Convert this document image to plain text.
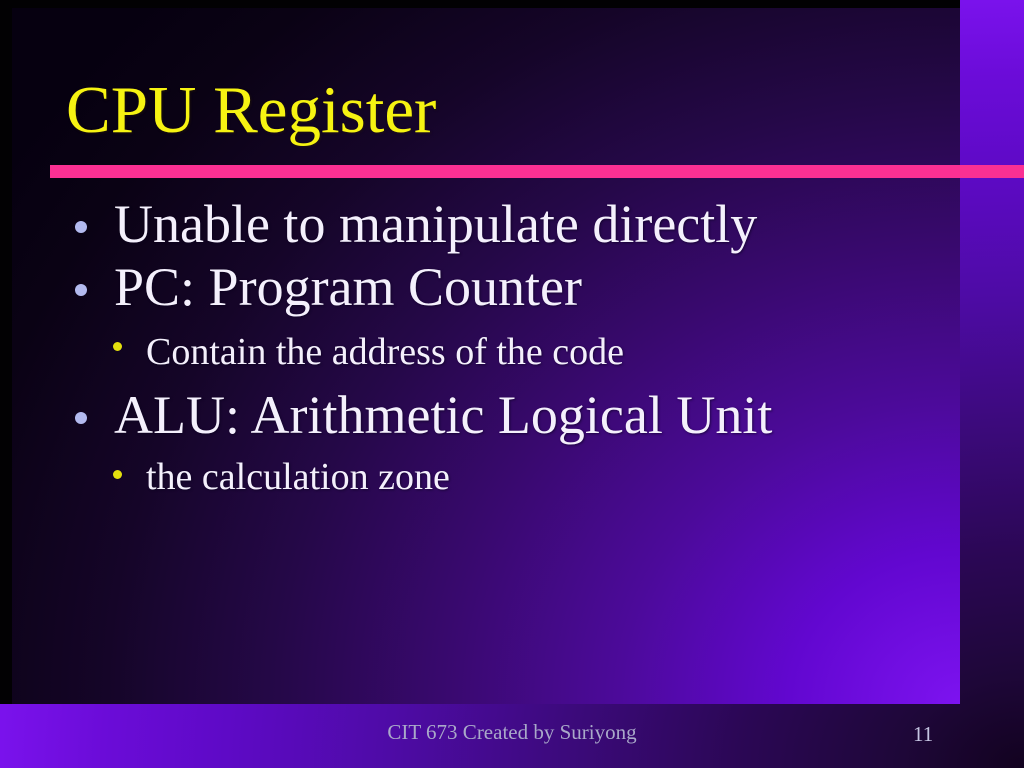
CPU Register
Unable to manipulate directly
PC: Program Counter
Contain the address of the code
ALU: Arithmetic Logical Unit
the calculation zone
CIT 673 Created by Suriyong	11
